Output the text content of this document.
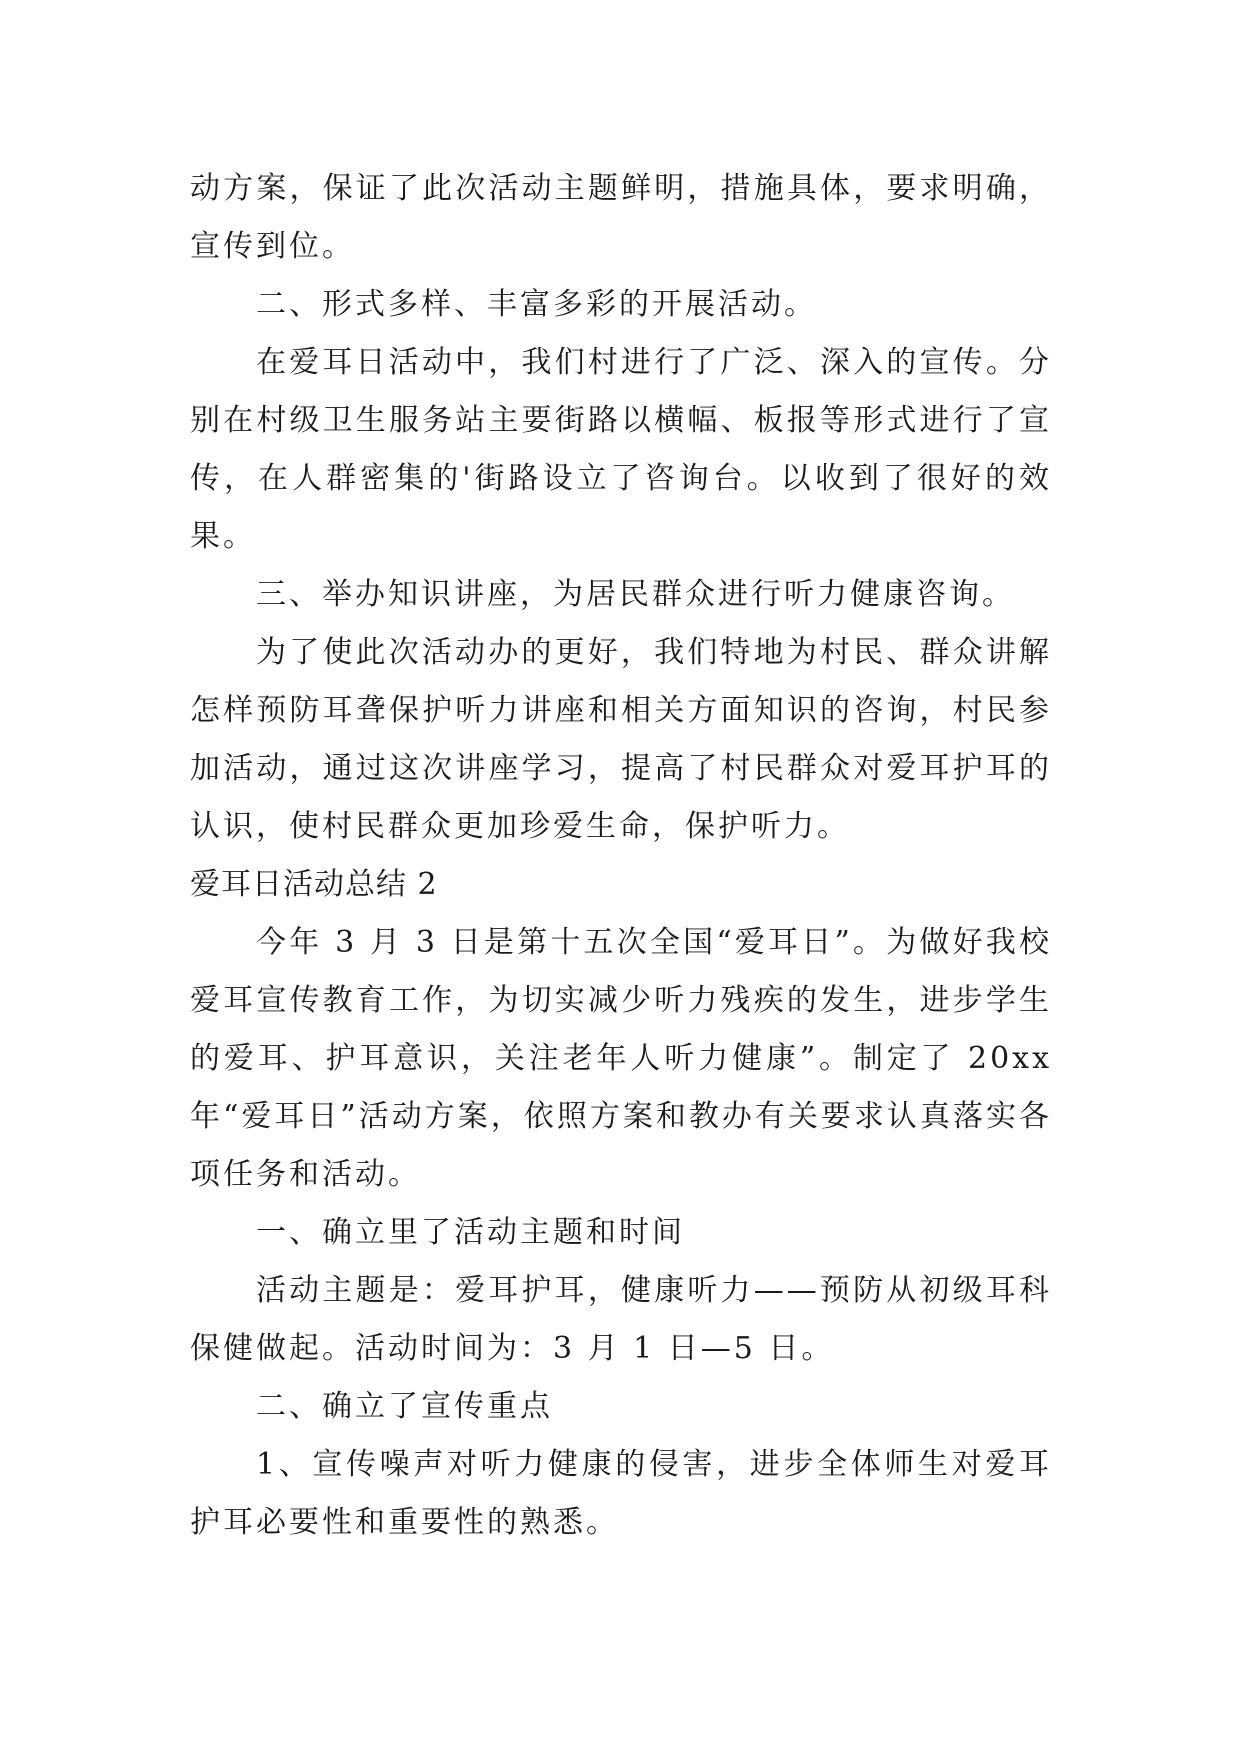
动方案，保证了此次活动主题鲜明，措施具体，要求明确，宣传到位。

二、形式多样、丰富多彩的开展活动。

在爱耳日活动中，我们村进行了广泛、深入的宣传。分别在村级卫生服务站主要街路以横幅、板报等形式进行了宣传，在人群密集的'街路设立了咨询台。以收到了很好的效果。

三、举办知识讲座，为居民群众进行听力健康咨询。

为了使此次活动办的更好，我们特地为村民、群众讲解怎样预防耳聋保护听力讲座和相关方面知识的咨询，村民参加活动，通过这次讲座学习，提高了村民群众对爱耳护耳的认识，使村民群众更加珍爱生命，保护听力。

爱耳日活动总结 2

今年 3 月 3 日是第十五次全国“爱耳日”。为做好我校爱耳宣传教育工作，为切实减少听力残疾的发生，进步学生的爱耳、护耳意识，关注老年人听力健康”。制定了 20xx 年“爱耳日”活动方案，依照方案和教办有关要求认真落实各项任务和活动。

一、确立里了活动主题和时间

活动主题是：爱耳护耳，健康听力——预防从初级耳科保健做起。活动时间为：3 月 1 日—5 日。

二、确立了宣传重点

1、宣传噪声对听力健康的侵害，进步全体师生对爱耳护耳必要性和重要性的熟悉。
